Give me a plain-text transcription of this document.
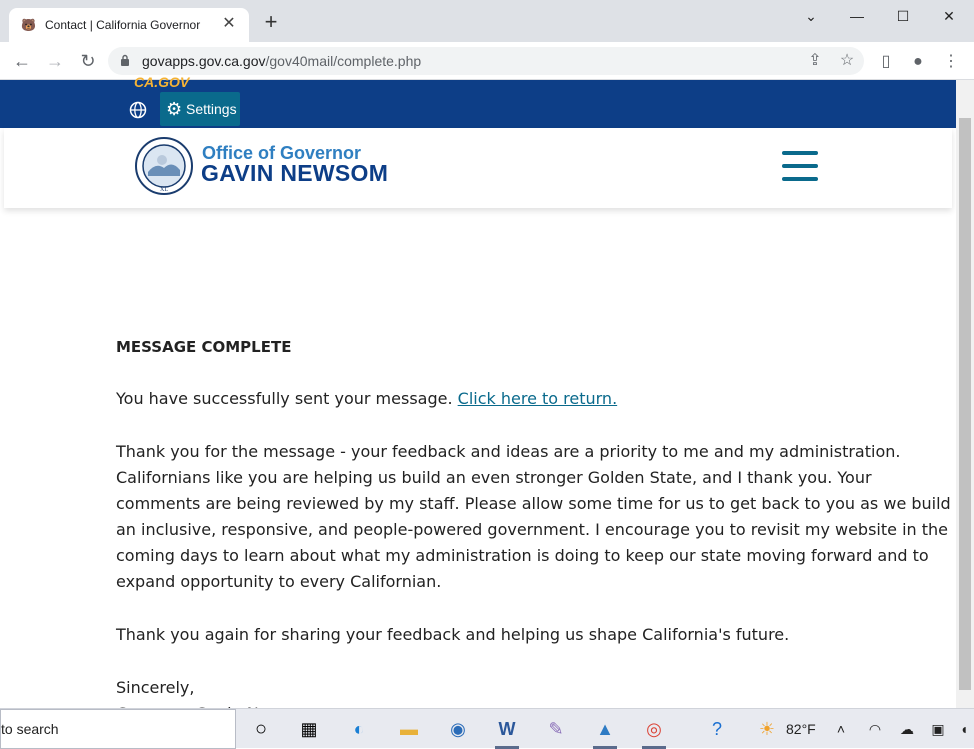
🐻 Contact | California Governor ✕ +	⌄	—	☐	✕
← → ↻	govapps.gov.ca.gov/gov40mail/complete.php	⇪ ☆	▯	●	⋮
CA.GOV
⚙ Settings
XL
Office of Governor
GAVIN NEWSOM
MESSAGE COMPLETE

You have successfully sent your message. Click here to return.

Thank you for the message - your feedback and ideas are a priority to me and my administration. Californians like you are helping us build an even stronger Golden State, and I thank you. Your comments are being reviewed by my staff. Please allow some time for us to get back to you as we build an inclusive, responsive, and people-powered government. I encourage you to revisit my website in the coming days to learn about what my administration is doing to keep our state moving forward and to expand opportunity to every Californian.

Thank you again for sharing your feedback and helping us shape California's future.

Sincerely,

to search	○	▦	◐	▬	◉	W	✎	▲	◎	?	☀ 82°F	˄	◠ ☁ ▣	◖
